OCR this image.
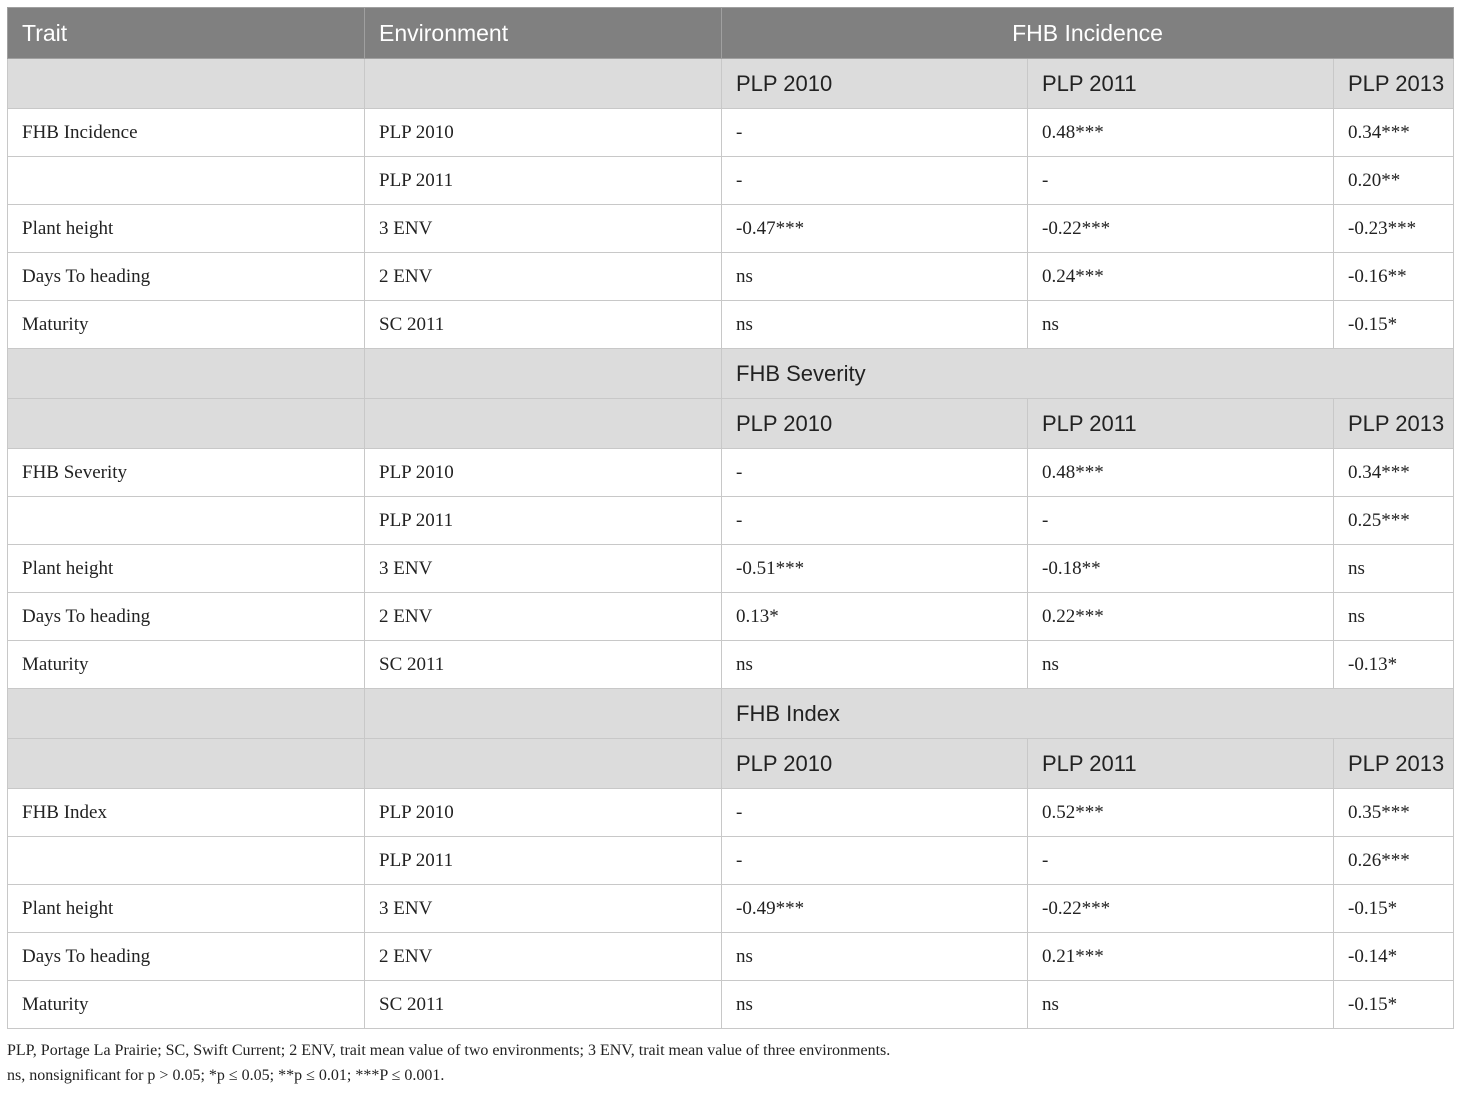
Trait	Environment	FHB Incidence		
		PLP 2010	PLP 2011	PLP 2013
FHB Incidence	PLP 2010	-	0.48***	0.34***
	PLP 2011	-	-	0.20**
Plant height	3 ENV	-0.47***	-0.22***	-0.23***
Days To heading	2 ENV	ns	0.24***	-0.16**
Maturity	SC 2011	ns	ns	-0.15*
		FHB Severity		
		PLP 2010	PLP 2011	PLP 2013
FHB Severity	PLP 2010	-	0.48***	0.34***
	PLP 2011	-	-	0.25***
Plant height	3 ENV	-0.51***	-0.18**	ns
Days To heading	2 ENV	0.13*	0.22***	ns
Maturity	SC 2011	ns	ns	-0.13*
		FHB Index		
		PLP 2010	PLP 2011	PLP 2013
FHB Index	PLP 2010	-	0.52***	0.35***
	PLP 2011	-	-	0.26***
Plant height	3 ENV	-0.49***	-0.22***	-0.15*
Days To heading	2 ENV	ns	0.21***	-0.14*
Maturity	SC 2011	ns	ns	-0.15*
PLP, Portage La Prairie; SC, Swift Current; 2 ENV, trait mean value of two environments; 3 ENV, trait mean value of three environments.
ns, nonsignificant for p > 0.05; *p ≤ 0.05; **p ≤ 0.01; ***P ≤ 0.001.
